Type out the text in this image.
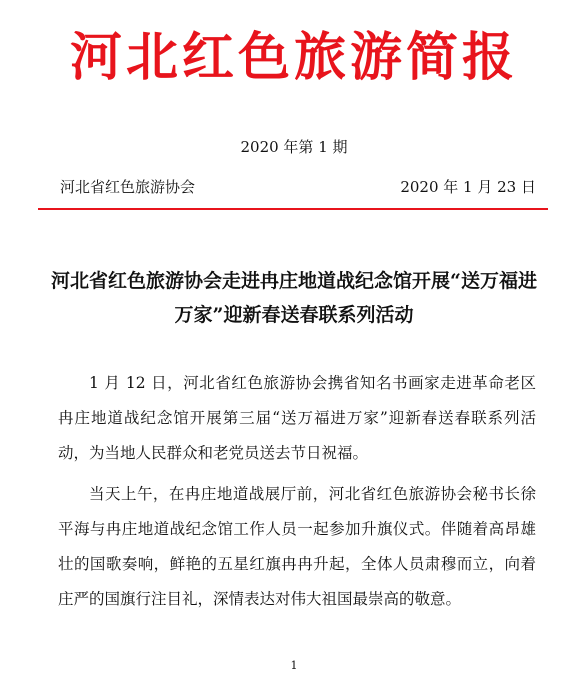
河北红色旅游简报
2020 年第 1 期
河北省红色旅游协会	2020 年 1 月 23 日
河北省红色旅游协会走进冉庄地道战纪念馆开展“送万福进万家”迎新春送春联系列活动

1 月 12 日，河北省红色旅游协会携省知名书画家走进革命老区冉庄地道战纪念馆开展第三届“送万福进万家”迎新春送春联系列活动，为当地人民群众和老党员送去节日祝福。

当天上午，在冉庄地道战展厅前，河北省红色旅游协会秘书长徐平海与冉庄地道战纪念馆工作人员一起参加升旗仪式。伴随着高昂雄壮的国歌奏响，鲜艳的五星红旗冉冉升起，全体人员肃穆而立，向着庄严的国旗行注目礼，深情表达对伟大祖国最崇高的敬意。

1
